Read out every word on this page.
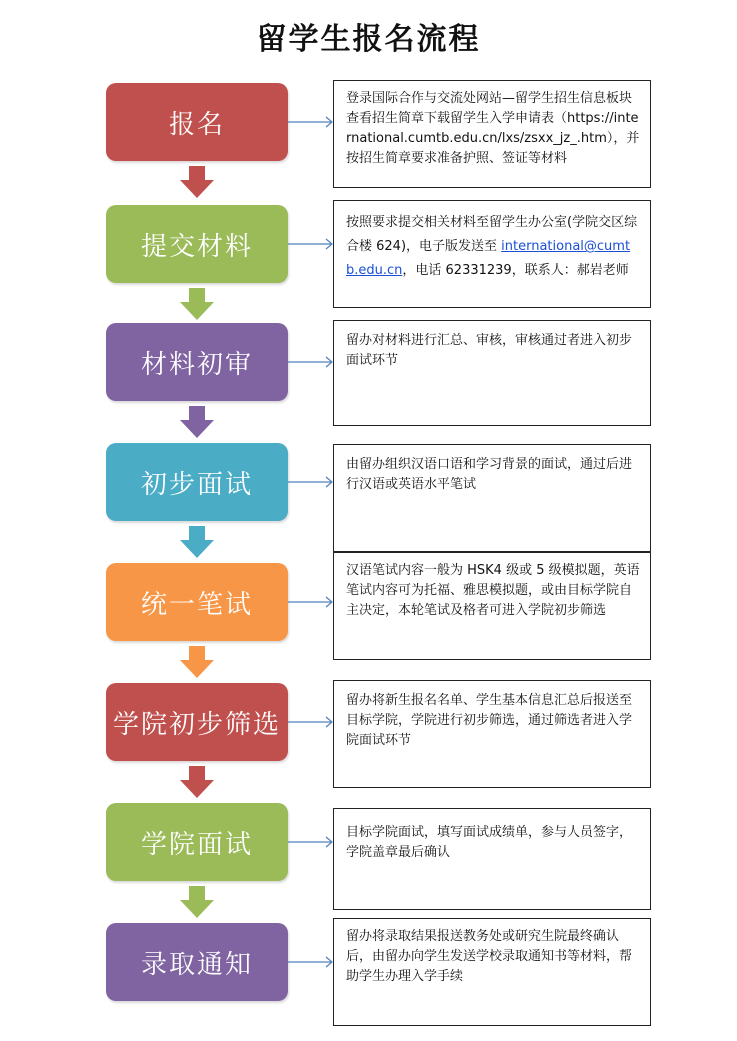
留学生报名流程
报名
提交材料
材料初审
初步面试
统一笔试
学院初步筛选
学院面试
录取通知
登录国际合作与交流处网站—留学生招生信息板块查看招生简章下载留学生入学申请表（https://international.cumtb.edu.cn/lxs/zsxx_jz_.htm），并按招生简章要求准备护照、签证等材料
按照要求提交相关材料至留学生办公室(学院交区综合楼 624)，电子版发送至 international@cumtb.edu.cn，电话 62331239，联系人：郝岩老师
留办对材料进行汇总、审核，审核通过者进入初步面试环节
由留办组织汉语口语和学习背景的面试，通过后进行汉语或英语水平笔试
汉语笔试内容一般为 HSK4 级或 5 级模拟题，英语笔试内容可为托福、雅思模拟题，或由目标学院自主决定，本轮笔试及格者可进入学院初步筛选
留办将新生报名名单、学生基本信息汇总后报送至目标学院，学院进行初步筛选，通过筛选者进入学院面试环节
目标学院面试，填写面试成绩单，参与人员签字，学院盖章最后确认
留办将录取结果报送教务处或研究生院最终确认后，由留办向学生发送学校录取通知书等材料，帮助学生办理入学手续
